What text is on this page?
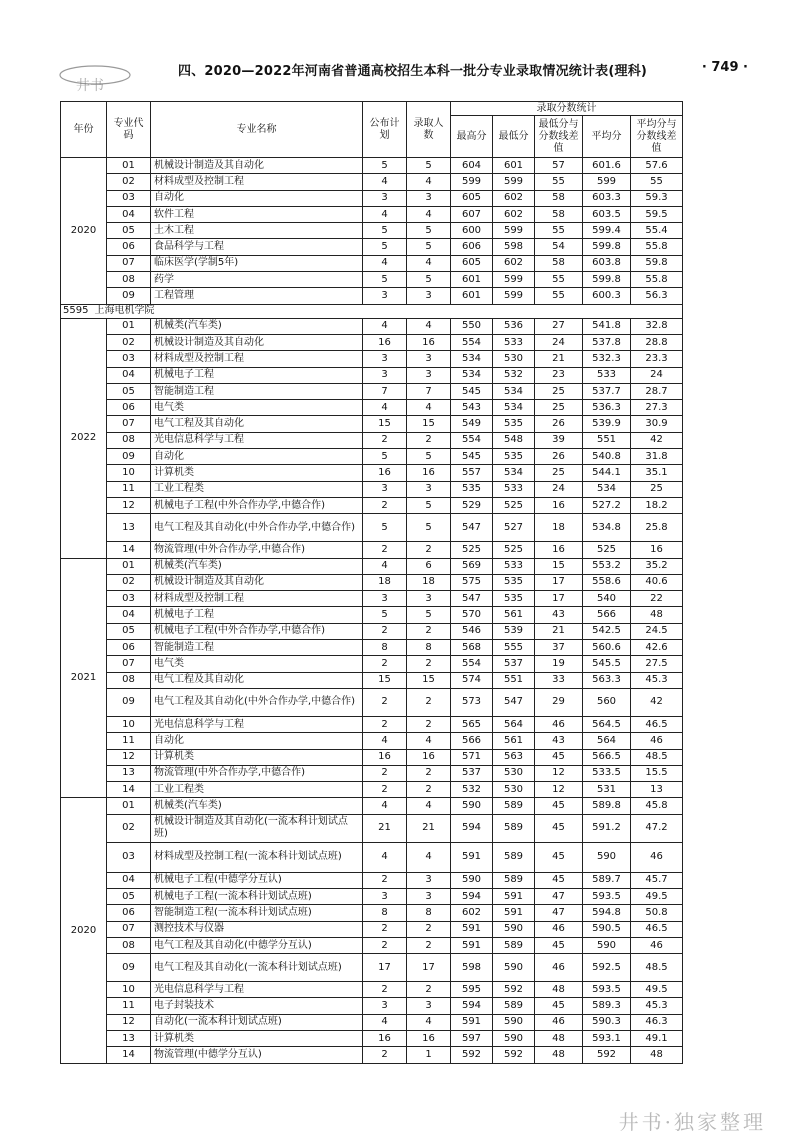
四、2020—2022年河南省普通高校招生本科一批分专业录取情况统计表(理科)	· 749 ·
井书
年份	专业代码	专业名称	公布计划	录取人数	录取分数统计				
					最高分	最低分	最低分与分数线差值	平均分	平均分与分数线差值
2020	01	机械设计制造及其自动化	5	5	604	601	57	601.6	57.6
	02	材料成型及控制工程	4	4	599	599	55	599	55
	03	自动化	3	3	605	602	58	603.3	59.3
	04	软件工程	4	4	607	602	58	603.5	59.5
	05	土木工程	5	5	600	599	55	599.4	55.4
	06	食品科学与工程	5	5	606	598	54	599.8	55.8
	07	临床医学(学制5年)	4	4	605	602	58	603.8	59.8
	08	药学	5	5	601	599	55	599.8	55.8
	09	工程管理	3	3	601	599	55	600.3	56.3
5595 上海电机学院									
2022	01	机械类(汽车类)	4	4	550	536	27	541.8	32.8
	02	机械设计制造及其自动化	16	16	554	533	24	537.8	28.8
	03	材料成型及控制工程	3	3	534	530	21	532.3	23.3
	04	机械电子工程	3	3	534	532	23	533	24
	05	智能制造工程	7	7	545	534	25	537.7	28.7
	06	电气类	4	4	543	534	25	536.3	27.3
	07	电气工程及其自动化	15	15	549	535	26	539.9	30.9
	08	光电信息科学与工程	2	2	554	548	39	551	42
	09	自动化	5	5	545	535	26	540.8	31.8
	10	计算机类	16	16	557	534	25	544.1	35.1
	11	工业工程类	3	3	535	533	24	534	25
	12	机械电子工程(中外合作办学,中德合作)	2	5	529	525	16	527.2	18.2
	13	电气工程及其自动化(中外合作办学,中德合作)	5	5	547	527	18	534.8	25.8
	14	物流管理(中外合作办学,中德合作)	2	2	525	525	16	525	16
2021	01	机械类(汽车类)	4	6	569	533	15	553.2	35.2
	02	机械设计制造及其自动化	18	18	575	535	17	558.6	40.6
	03	材料成型及控制工程	3	3	547	535	17	540	22
	04	机械电子工程	5	5	570	561	43	566	48
	05	机械电子工程(中外合作办学,中德合作)	2	2	546	539	21	542.5	24.5
	06	智能制造工程	8	8	568	555	37	560.6	42.6
	07	电气类	2	2	554	537	19	545.5	27.5
	08	电气工程及其自动化	15	15	574	551	33	563.3	45.3
	09	电气工程及其自动化(中外合作办学,中德合作)	2	2	573	547	29	560	42
	10	光电信息科学与工程	2	2	565	564	46	564.5	46.5
	11	自动化	4	4	566	561	43	564	46
	12	计算机类	16	16	571	563	45	566.5	48.5
	13	物流管理(中外合作办学,中德合作)	2	2	537	530	12	533.5	15.5
	14	工业工程类	2	2	532	530	12	531	13
2020	01	机械类(汽车类)	4	4	590	589	45	589.8	45.8
	02	机械设计制造及其自动化(一流本科计划试点班)	21	21	594	589	45	591.2	47.2
	03	材料成型及控制工程(一流本科计划试点班)	4	4	591	589	45	590	46
	04	机械电子工程(中德学分互认)	2	3	590	589	45	589.7	45.7
	05	机械电子工程(一流本科计划试点班)	3	3	594	591	47	593.5	49.5
	06	智能制造工程(一流本科计划试点班)	8	8	602	591	47	594.8	50.8
	07	测控技术与仪器	2	2	591	590	46	590.5	46.5
	08	电气工程及其自动化(中德学分互认)	2	2	591	589	45	590	46
	09	电气工程及其自动化(一流本科计划试点班)	17	17	598	590	46	592.5	48.5
	10	光电信息科学与工程	2	2	595	592	48	593.5	49.5
	11	电子封装技术	3	3	594	589	45	589.3	45.3
	12	自动化(一流本科计划试点班)	4	4	591	590	46	590.3	46.3
	13	计算机类	16	16	597	590	48	593.1	49.1
	14	物流管理(中德学分互认)	2	1	592	592	48	592	48
井书·独家整理
